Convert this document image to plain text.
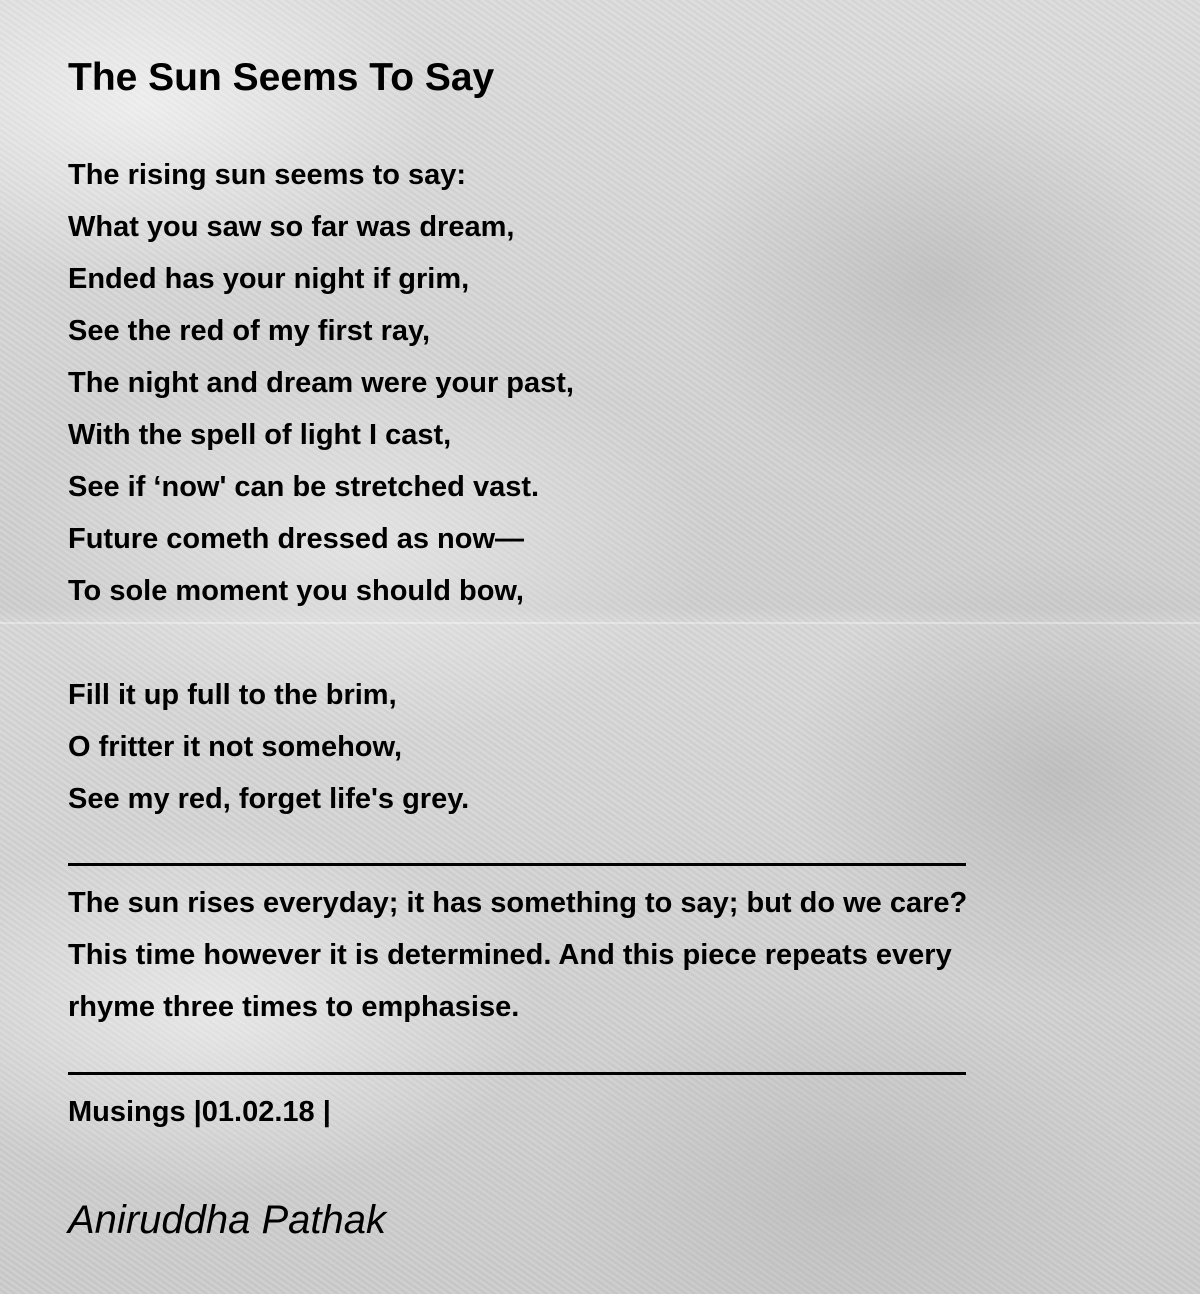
The Sun Seems To Say
The rising sun seems to say:
What you saw so far was dream,
Ended has your night if grim,
See the red of my first ray,
The night and dream were your past,
With the spell of light I cast,
See if ‘now' can be stretched vast.
Future cometh dressed as now—
To sole moment you should bow,
Fill it up full to the brim,
O fritter it not somehow,
See my red, forget life's grey.
The sun rises everyday; it has something to say; but do we care?
This time however it is determined. And this piece repeats every
rhyme three times to emphasise.
Musings |01.02.18 |
Aniruddha Pathak
